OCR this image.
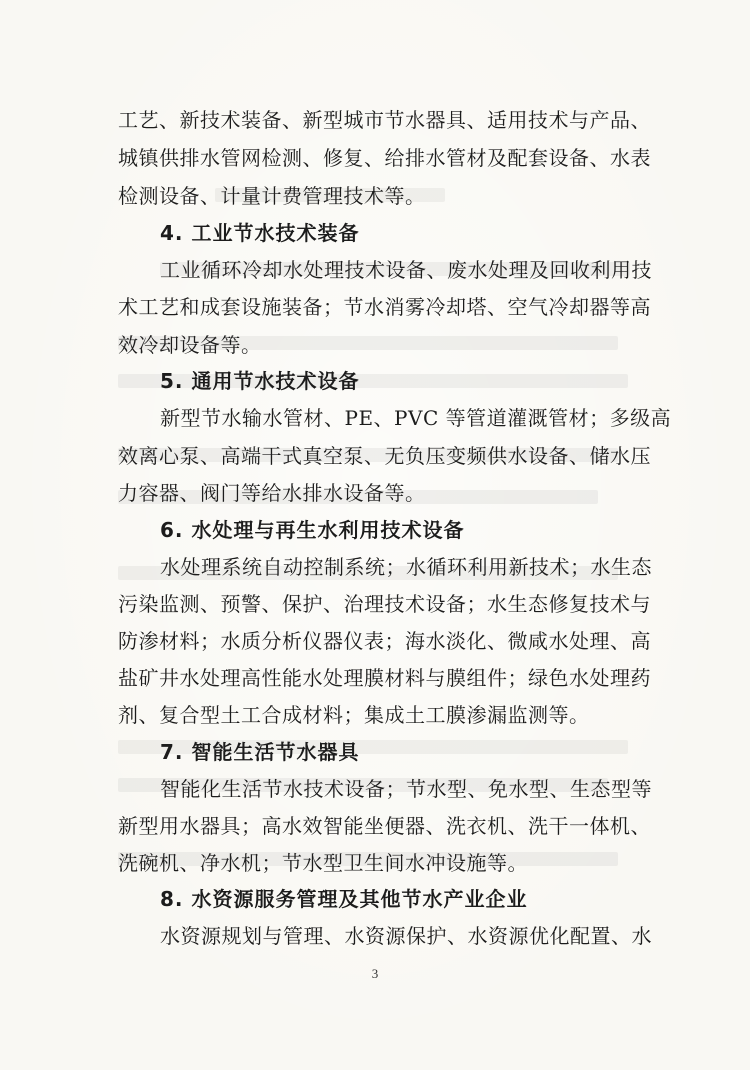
工艺、新技术装备、新型城市节水器具、适用技术与产品、
城镇供排水管网检测、修复、给排水管材及配套设备、水表
检测设备、计量计费管理技术等。
4. 工业节水技术装备
工业循环冷却水处理技术设备、废水处理及回收利用技
术工艺和成套设施装备；节水消雾冷却塔、空气冷却器等高
效冷却设备等。
5. 通用节水技术设备
新型节水输水管材、PE、PVC 等管道灌溉管材；多级高
效离心泵、高端干式真空泵、无负压变频供水设备、储水压
力容器、阀门等给水排水设备等。
6. 水处理与再生水利用技术设备
水处理系统自动控制系统；水循环利用新技术；水生态
污染监测、预警、保护、治理技术设备；水生态修复技术与
防渗材料；水质分析仪器仪表；海水淡化、微咸水处理、高
盐矿井水处理高性能水处理膜材料与膜组件；绿色水处理药
剂、复合型土工合成材料；集成土工膜渗漏监测等。
7. 智能生活节水器具
智能化生活节水技术设备；节水型、免水型、生态型等
新型用水器具；高水效智能坐便器、洗衣机、洗干一体机、
洗碗机、净水机；节水型卫生间水冲设施等。
8. 水资源服务管理及其他节水产业企业
水资源规划与管理、水资源保护、水资源优化配置、水
3
